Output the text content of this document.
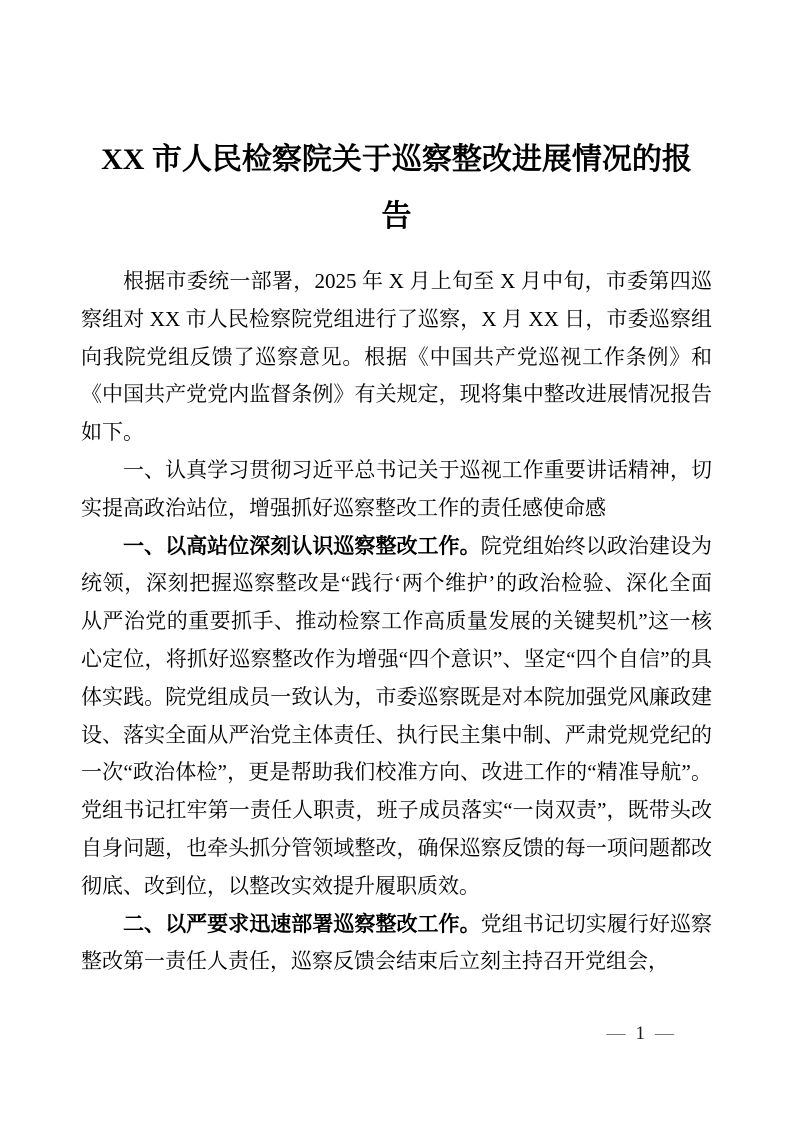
XX 市人民检察院关于巡察整改进展情况的报告

根据市委统一部署，2025 年 X 月上旬至 X 月中旬，市委第四巡察组对 XX 市人民检察院党组进行了巡察，X 月 XX 日，市委巡察组向我院党组反馈了巡察意见。根据《中国共产党巡视工作条例》和《中国共产党党内监督条例》有关规定，现将集中整改进展情况报告如下。

一、认真学习贯彻习近平总书记关于巡视工作重要讲话精神，切实提高政治站位，增强抓好巡察整改工作的责任感使命感

一、以高站位深刻认识巡察整改工作。院党组始终以政治建设为统领，深刻把握巡察整改是“践行‘两个维护’的政治检验、深化全面从严治党的重要抓手、推动检察工作高质量发展的关键契机”这一核心定位，将抓好巡察整改作为增强“四个意识”、坚定“四个自信”的具体实践。院党组成员一致认为，市委巡察既是对本院加强党风廉政建设、落实全面从严治党主体责任、执行民主集中制、严肃党规党纪的一次“政治体检”，更是帮助我们校准方向、改进工作的“精准导航”。党组书记扛牢第一责任人职责，班子成员落实“一岗双责”，既带头改自身问题，也牵头抓分管领域整改，确保巡察反馈的每一项问题都改彻底、改到位，以整改实效提升履职质效。

二、以严要求迅速部署巡察整改工作。党组书记切实履行好巡察整改第一责任人责任，巡察反馈会结束后立刻主持召开党组会，

— 1 —
